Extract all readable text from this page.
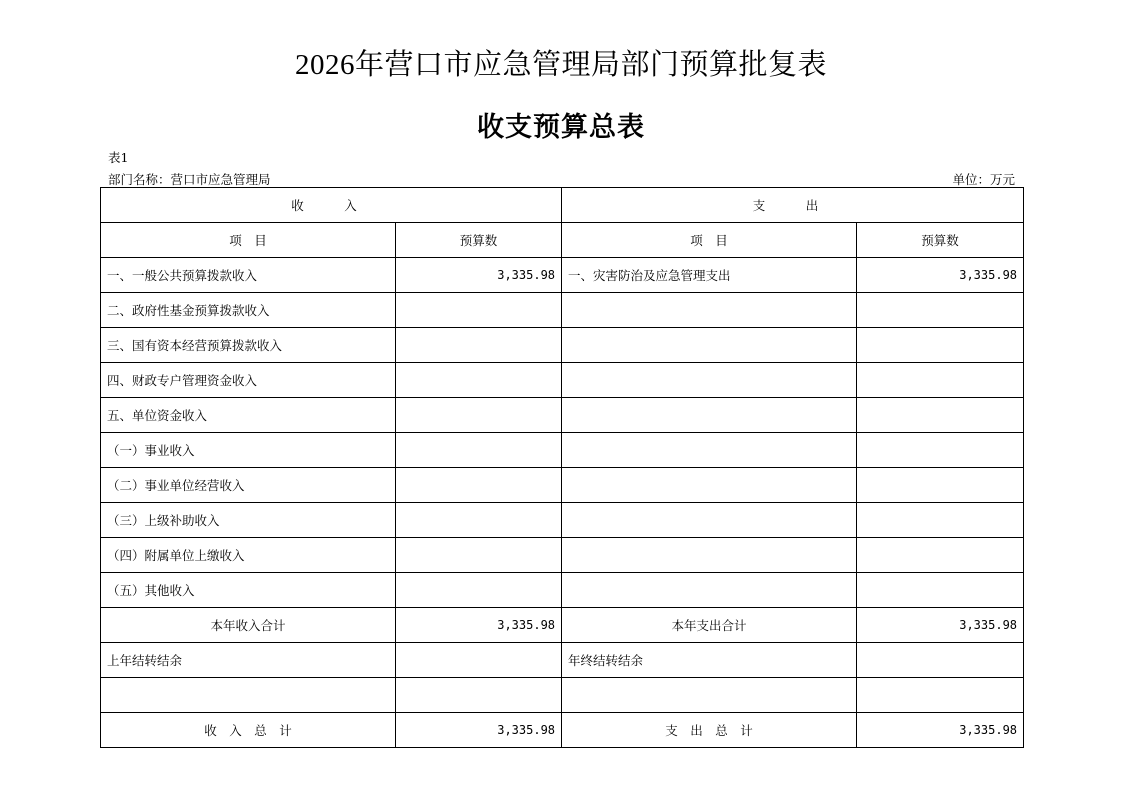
2026年营口市应急管理局部门预算批复表
收支预算总表
表1
部门名称：营口市应急管理局	单位：万元
收　入		支　出	
项　目	预算数	项　目	预算数
一、一般公共预算拨款收入	3,335.98	一、灾害防治及应急管理支出	3,335.98
二、政府性基金预算拨款收入			
三、国有资本经营预算拨款收入			
四、财政专户管理资金收入			
五、单位资金收入			
（一）事业收入			
（二）事业单位经营收入			
（三）上级补助收入			
（四）附属单位上缴收入			
（五）其他收入			
本年收入合计	3,335.98	本年支出合计	3,335.98
上年结转结余		年终结转结余	

收　入　总　计	3,335.98	支　出　总　计	3,335.98
